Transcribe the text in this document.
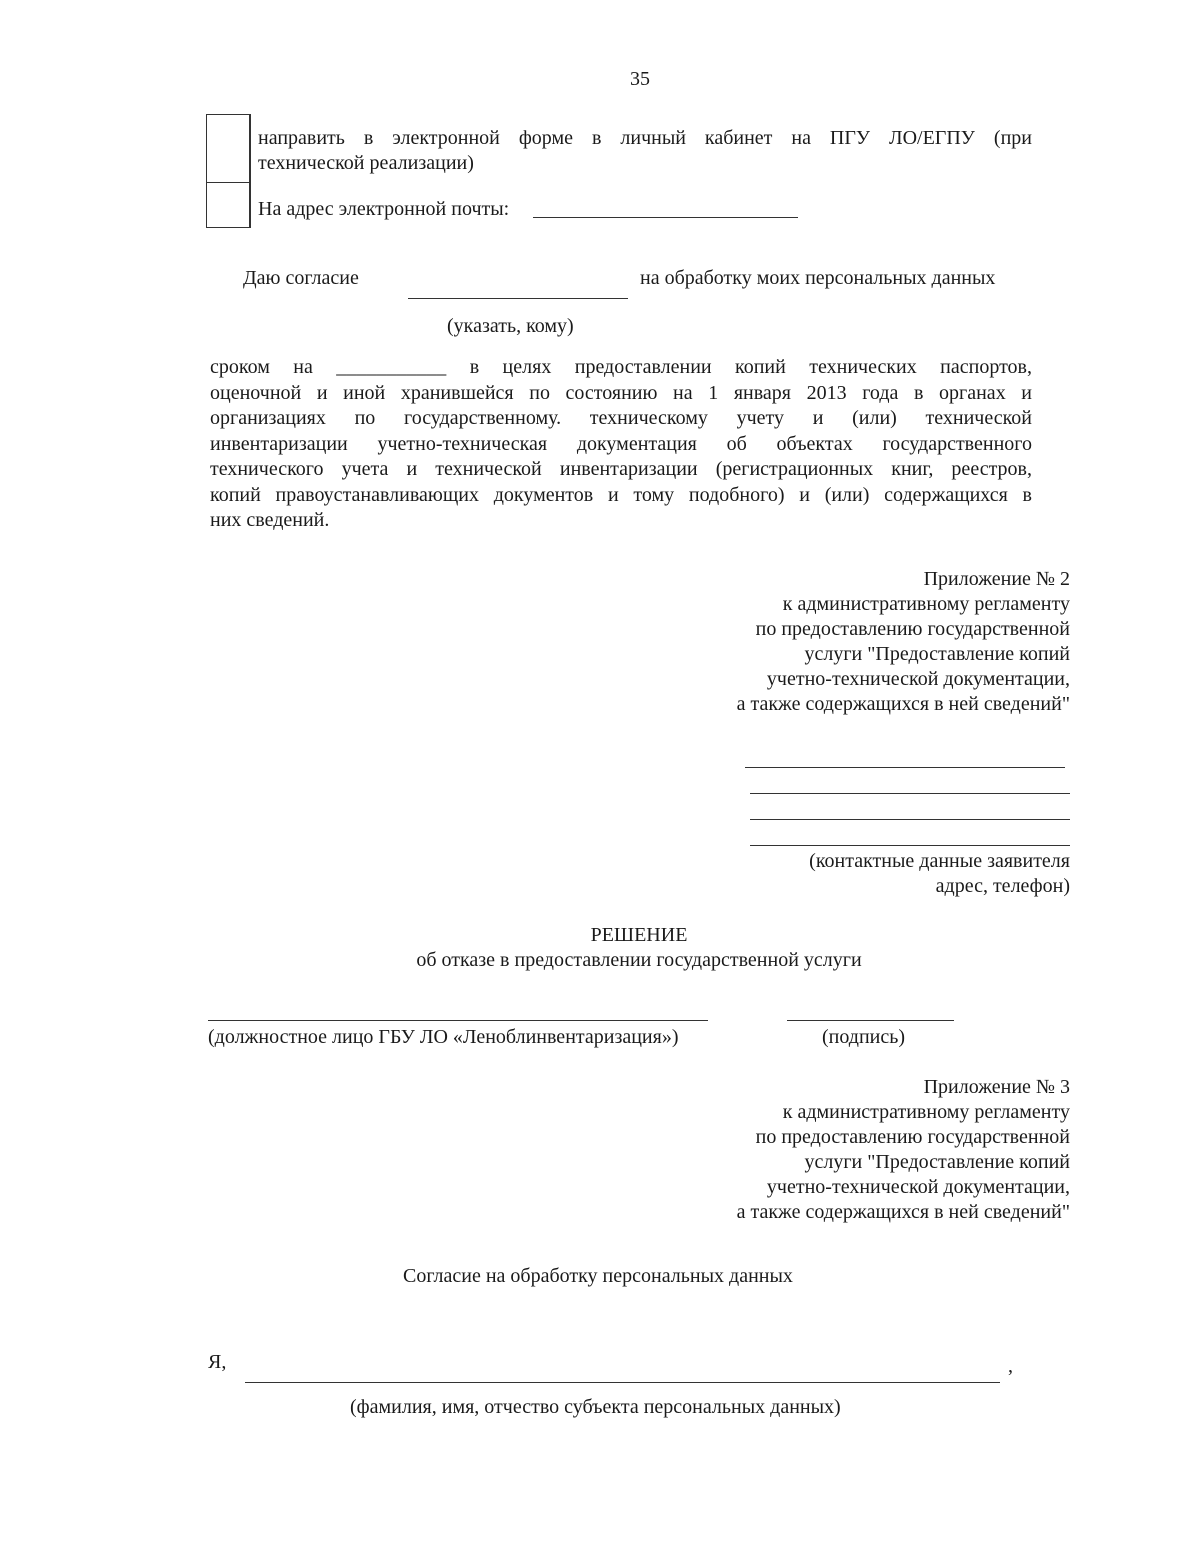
35
направить в электронной форме в личный кабинет на ПГУ ЛО/ЕГПУ (при
технической реализации)
На адрес электронной почты:
Даю согласие	на обработку моих персональных данных
(указать, кому)
сроком на ___________ в целях предоставлении копий технических паспортов,
оценочной и иной хранившейся по состоянию на 1 января 2013 года в органах и
организациях по государственному. техническому учету и (или) технической
инвентаризации учетно-техническая документация об объектах государственного
технического учета и технической инвентаризации (регистрационных книг, реестров,
копий правоустанавливающих документов и тому подобного) и (или) содержащихся в
них сведений.
Приложение № 2
к административному регламенту
по предоставлению государственной
услуги "Предоставление копий
учетно-технической документации,
а также содержащихся в ней сведений"
(контактные данные заявителя
адрес, телефон)
РЕШЕНИЕ
об отказе в предоставлении государственной услуги
(должностное лицо ГБУ ЛО «Леноблинвентаризация»)	(подпись)
Приложение № 3
к административному регламенту
по предоставлению государственной
услуги "Предоставление копий
учетно-технической документации,
а также содержащихся в ней сведений"
Согласие на обработку персональных данных
Я,	,
(фамилия, имя, отчество субъекта персональных данных)
